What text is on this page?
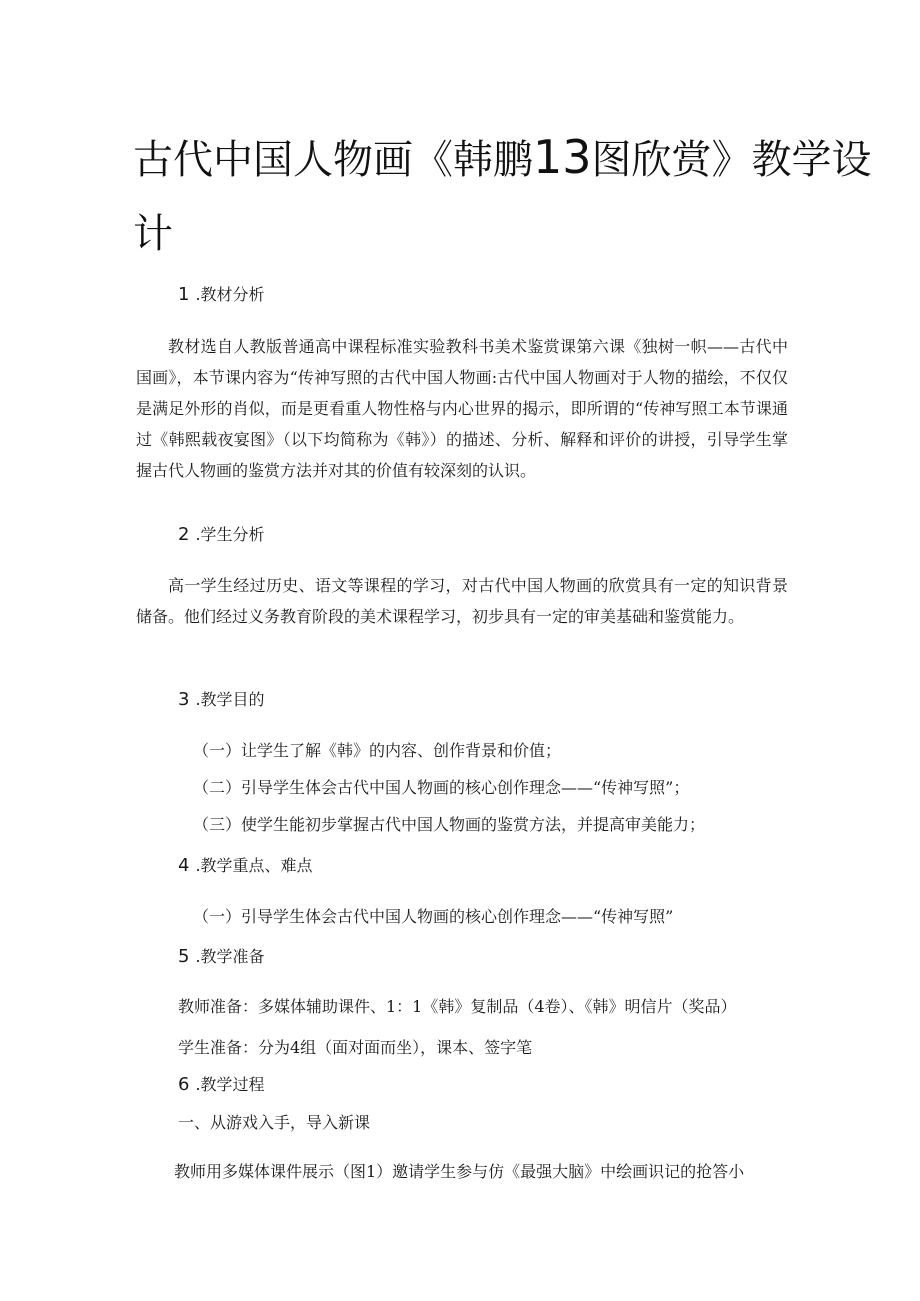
古代中国人物画《韩鹏13图欣赏》教学设
计
1 .教材分析

教材选自人教版普通高中课程标准实验教科书美术鉴赏课第六课《独树一帜——古代中国画》，本节课内容为“传神写照的古代中国人物画:古代中国人物画对于人物的描绘，不仅仅是满足外形的肖似，而是更看重人物性格与内心世界的揭示，即所谓的“传神写照工本节课通过《韩熙载夜宴图》（以下均简称为《韩》）的描述、分析、解释和评价的讲授，引导学生掌握古代人物画的鉴赏方法并对其的价值有较深刻的认识。

2 .学生分析

高一学生经过历史、语文等课程的学习，对古代中国人物画的欣赏具有一定的知识背景储备。他们经过义务教育阶段的美术课程学习，初步具有一定的审美基础和鉴赏能力。

3 .教学目的
（一）让学生了解《韩》的内容、创作背景和价值；
（二）引导学生体会古代中国人物画的核心创作理念——“传神写照”；
（三）使学生能初步掌握古代中国人物画的鉴赏方法，并提高审美能力；
4 .教学重点、难点
（一）引导学生体会古代中国人物画的核心创作理念——“传神写照”
5 .教学准备
教师准备：多媒体辅助课件、1：1《韩》复制品（4卷）、《韩》明信片（奖品）
学生准备：分为4组（面对面而坐），课本、签字笔
6 .教学过程
一、从游戏入手，导入新课
教师用多媒体课件展示（图1）邀请学生参与仿《最强大脑》中绘画识记的抢答小
